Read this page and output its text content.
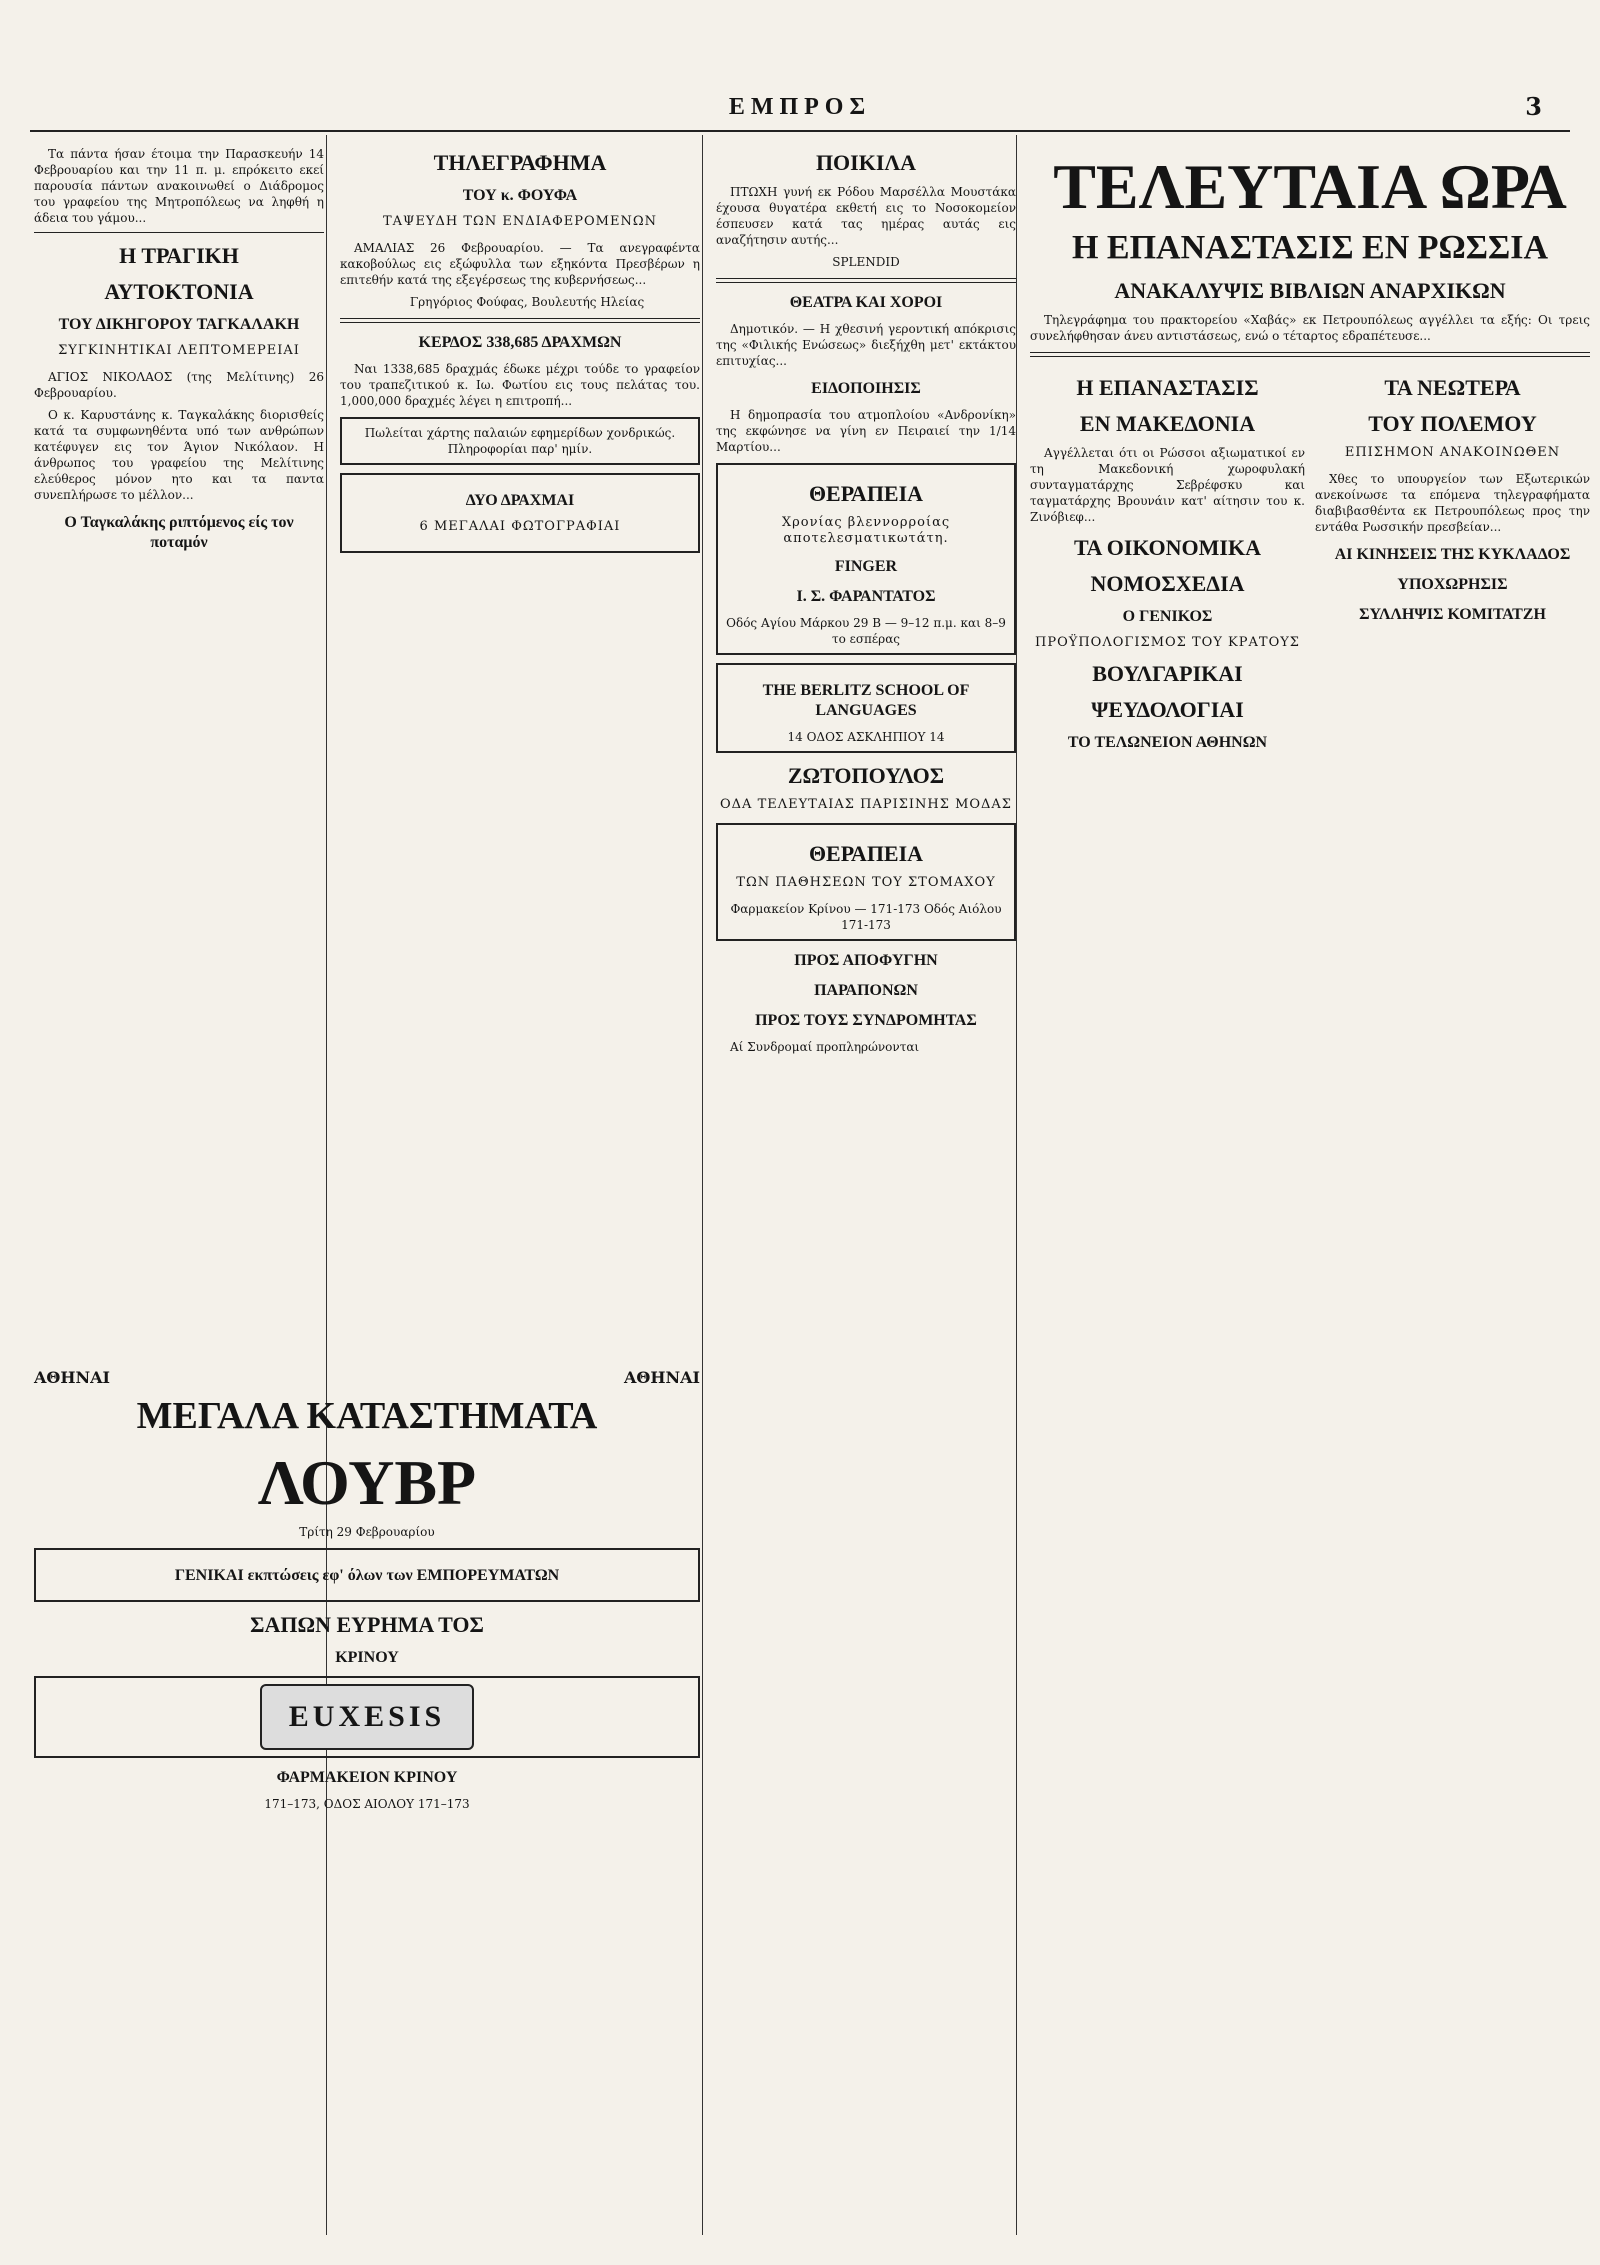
ΕΜΠΡΟΣ	3

Τα πάντα ήσαν έτοιμα την Παρασκευήν 14 Φεβρουαρίου και την 11 π. μ. επρόκειτο εκεί παρουσία πάντων ανακοινωθεί ο Διάδρομος του γραφείου της Μητροπόλεως να ληφθή η άδεια του γάμου...

Η ΤΡΑΓΙΚΗ
ΑΥΤΟΚΤΟΝΙΑ
ΤΟΥ ΔΙΚΗΓΟΡΟΥ ΤΑΓΚΑΛΑΚΗ
ΣΥΓΚΙΝΗΤΙΚΑΙ ΛΕΠΤΟΜΕΡΕΙΑΙ

ΑΓΙΟΣ ΝΙΚΟΛΑΟΣ (της Μελίτινης) 26 Φεβρουαρίου.

Ο κ. Καρυστάνης κ. Ταγκαλάκης διορισθείς κατά τα συμφωνηθέντα υπό των ανθρώπων κατέφυγεν εις τον Άγιον Νικόλαον. Η άνθρωπος του γραφείου της Μελίτινης ελεύθερος μόνον ητο και τα παντα συνεπλήρωσε το μέλλον...

Ο Ταγκαλάκης ριπτόμενος είς τον ποταμόν
ΤΗΛΕΓΡΑΦΗΜΑ
ΤΟΥ κ. ΦΟΥΦΑ
ΤΑΨΕΥΔΗ ΤΩΝ ΕΝΔΙΑΦΕΡΟΜΕΝΩΝ

ΑΜΑΛΙΑΣ 26 Φεβρουαρίου. — Τα ανεγραφέντα κακοβούλως εις εξώφυλλα των εξηκόντα Πρεσβέρων η επιτεθήν κατά της εξεγέρσεως της κυβερνήσεως...

Γρηγόριος Φούφας, Βουλευτής Ηλείας

ΚΕΡΔΟΣ 338,685 ΔΡΑΧΜΩΝ

Ναι 1338,685 δραχμάς έδωκε μέχρι τούδε το γραφείον του τραπεζιτικού κ. Ιω. Φωτίου εις τους πελάτας του. 1,000,000 δραχμές λέγει η επιτροπή...

Πωλείται χάρτης παλαιών εφημερίδων χονδρικώς. Πληροφορίαι παρ' ημίν.
ΔΥΟ ΔΡΑΧΜΑΙ
6 ΜΕΓΑΛΑΙ ΦΩΤΟΓΡΑΦΙΑΙ
ΠΟΙΚΙΛΑ

ΠΤΩΧΗ γυνή εκ Ρόδου Μαρσέλλα Μουστάκα έχουσα θυγατέρα εκθετή εις το Νοσοκομείον έσπευσεν κατά τας ημέρας αυτάς εις αναζήτησιν αυτής...

SPLENDID
ΘΕΑΤΡΑ ΚΑΙ ΧΟΡΟΙ

Δημοτικόν. — Η χθεσινή γεροντική απόκρισις της «Φιλικής Ενώσεως» διεξήχθη μετ' εκτάκτου επιτυχίας...

ΕΙΔΟΠΟΙΗΣΙΣ

Η δημοπρασία του ατμοπλοίου «Ανδρονίκη» της εκφώνησε να γίνη εν Πειραιεί την 1/14 Μαρτίου...

ΘΕΡΑΠΕΙΑ
Χρονίας βλεννορροίας αποτελεσματικωτάτη.
FINGER
Ι. Σ. ΦΑΡΑΝΤΑΤΟΣ
Οδός Αγίου Μάρκου 29 Β — 9–12 π.μ. και 8–9 το εσπέρας
THE BERLITZ SCHOOL OF LANGUAGES
14 ΟΔΟΣ ΑΣΚΛΗΠΙΟΥ 14
ΖΩΤΟΠΟΥΛΟΣ
ΟΔΑ ΤΕΛΕΥΤΑΙΑΣ ΠΑΡΙΣΙΝΗΣ ΜΟΔΑΣ
ΘΕΡΑΠΕΙΑ
ΤΩΝ ΠΑΘΗΣΕΩΝ ΤΟΥ ΣΤΟΜΑΧΟΥ
Φαρμακείον Κρίνου — 171-173 Οδός Αιόλου 171-173
ΠΡΟΣ ΑΠΟΦΥΓΗΝ
ΠΑΡΑΠΟΝΩΝ
ΠΡΟΣ ΤΟΥΣ ΣΥΝΔΡΟΜΗΤΑΣ

Αί Συνδρομαί προπληρώνονται

ΤΕΛΕΥΤΑΙΑ ΩΡΑ
Η ΕΠΑΝΑΣΤΑΣΙΣ ΕΝ ΡΩΣΣΙΑ
ΑΝΑΚΑΛΥΨΙΣ ΒΙΒΛΙΩΝ ΑΝΑΡΧΙΚΩΝ

Τηλεγράφημα του πρακτορείου «Χαβάς» εκ Πετρουπόλεως αγγέλλει τα εξής: Οι τρεις συνελήφθησαν άνευ αντιστάσεως, ενώ ο τέταρτος εδραπέτευσε...

Η ΕΠΑΝΑΣΤΑΣΙΣ
ΕΝ ΜΑΚΕΔΟΝΙΑ

Αγγέλλεται ότι οι Ρώσσοι αξιωματικοί εν τη Μακεδονική χωροφυλακή συνταγματάρχης Σεβρέφσκυ και ταγματάρχης Βρουνάιν κατ' αίτησιν του κ. Ζινόβιεφ...

ΤΑ ΟΙΚΟΝΟΜΙΚΑ
ΝΟΜΟΣΧΕΔΙΑ
Ο ΓΕΝΙΚΟΣ
ΠΡΟΫΠΟΛΟΓΙΣΜΟΣ ΤΟΥ ΚΡΑΤΟΥΣ
ΒΟΥΛΓΑΡΙΚΑΙ
ΨΕΥΔΟΛΟΓΙΑΙ
ΤΟ ΤΕΛΩΝΕΙΟΝ ΑΘΗΝΩΝ
ΤΑ ΝΕΩΤΕΡΑ
ΤΟΥ ΠΟΛΕΜΟΥ
ΕΠΙΣΗΜΟΝ ΑΝΑΚΟΙΝΩΘΕΝ

Χθες το υπουργείον των Εξωτερικών ανεκοίνωσε τα επόμενα τηλεγραφήματα διαβιβασθέντα εκ Πετρουπόλεως προς την εντάθα Ρωσσικήν πρεσβείαν...

ΑΙ ΚΙΝΗΣΕΙΣ ΤΗΣ ΚΥΚΛΑΔΟΣ
ΥΠΟΧΩΡΗΣΙΣ
ΣΥΛΛΗΨΙΣ ΚΟΜΙΤΑΤΖΗ
ΑΘΗΝΑΙ	ΑΘΗΝΑΙ
ΜΕΓΑΛΑ ΚΑΤΑΣΤΗΜΑΤΑ
ΛΟΥΒΡ
Τρίτη 29 Φεβρουαρίου
ΓΕΝΙΚΑΙ εκπτώσεις εφ' όλων των ΕΜΠΟΡΕΥΜΑΤΩΝ
ΣΑΠΩΝ ΕΥΡΗΜΑ ΤΟΣ
ΚΡΙΝΟΥ
EUXESIS
ΦΑΡΜΑΚΕΙΟΝ ΚΡΙΝΟΥ
171–173, ΟΔΟΣ ΑΙΟΛΟΥ 171–173
